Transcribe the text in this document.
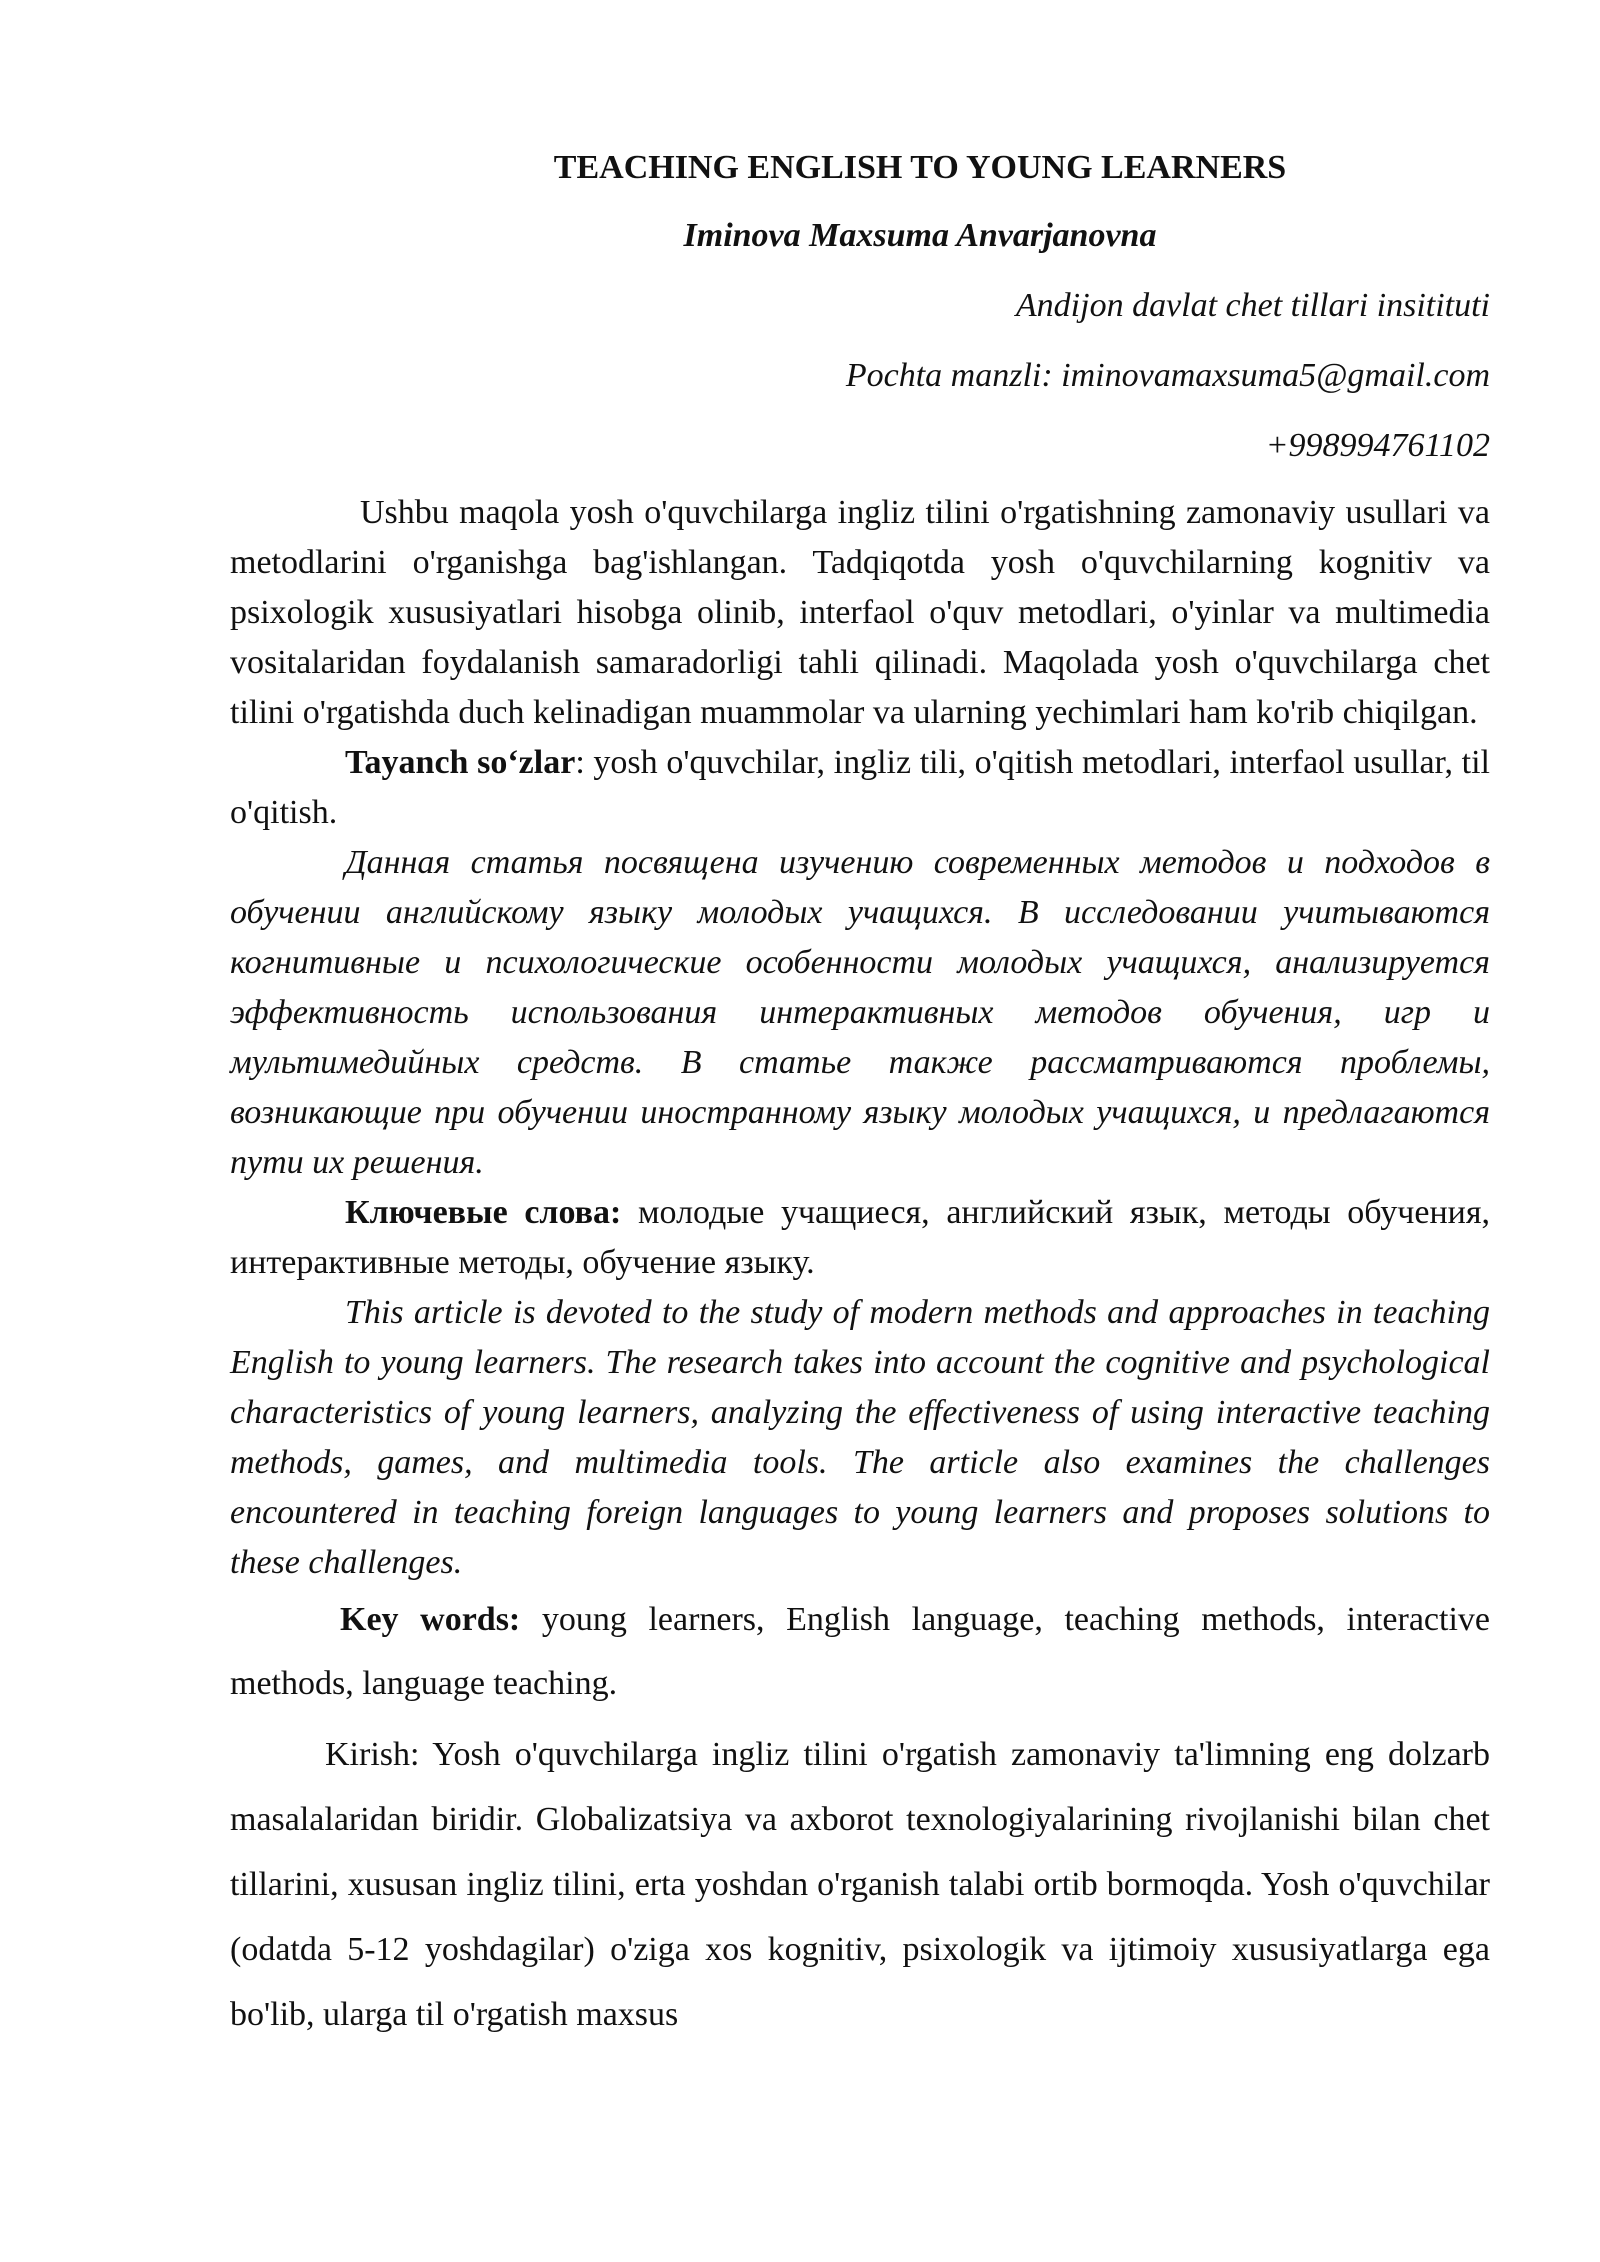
TEACHING ENGLISH TO YOUNG LEARNERS
Iminova Maxsuma Anvarjanovna
Andijon davlat chet tillari insitituti
Pochta manzli: iminovamaxsuma5@gmail.com
+998994761102

Ushbu maqola yosh o'quvchilarga ingliz tilini o'rgatishning zamonaviy usullari va metodlarini o'rganishga bag'ishlangan. Tadqiqotda yosh o'quvchilarning kognitiv va psixologik xususiyatlari hisobga olinib, interfaol o'quv metodlari, o'yinlar va multimedia vositalaridan foydalanish samaradorligi tahli qilinadi. Maqolada yosh o'quvchilarga chet tilini o'rgatishda duch kelinadigan muammolar va ularning yechimlari ham ko'rib chiqilgan.

Tayanch so‘zlar: yosh o'quvchilar, ingliz tili, o'qitish metodlari, interfaol usullar, til o'qitish.

Данная статья посвящена изучению современных методов и подходов в обучении английскому языку молодых учащихся. В исследовании учитываются когнитивные и психологические особенности молодых учащихся, анализируется эффективность использования интерактивных методов обучения, игр и мультимедийных средств. В статье также рассматриваются проблемы, возникающие при обучении иностранному языку молодых учащихся, и предлагаются пути их решения.

Ключевые слова: молодые учащиеся, английский язык, методы обучения, интерактивные методы, обучение языку.

This article is devoted to the study of modern methods and approaches in teaching English to young learners. The research takes into account the cognitive and psychological characteristics of young learners, analyzing the effectiveness of using interactive teaching methods, games, and multimedia tools. The article also examines the challenges encountered in teaching foreign languages to young learners and proposes solutions to these challenges.

Key words: young learners, English language, teaching methods, interactive methods, language teaching.

Kirish: Yosh o'quvchilarga ingliz tilini o'rgatish zamonaviy ta'limning eng dolzarb masalalaridan biridir. Globalizatsiya va axborot texnologiyalarining rivojlanishi bilan chet tillarini, xususan ingliz tilini, erta yoshdan o'rganish talabi ortib bormoqda. Yosh o'quvchilar (odatda 5-12 yoshdagilar) o'ziga xos kognitiv, psixologik va ijtimoiy xususiyatlarga ega bo'lib, ularga til o'rgatish maxsus
